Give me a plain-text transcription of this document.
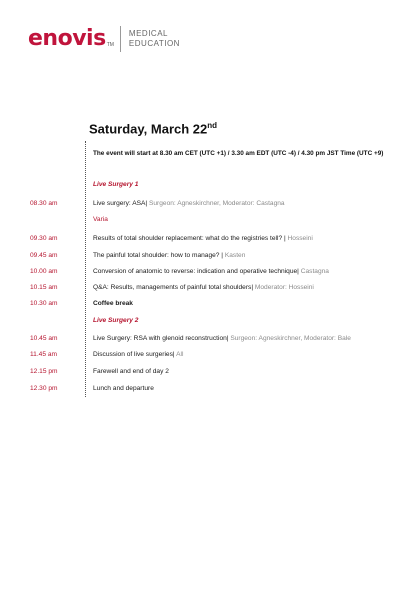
enovis TM
MEDICAL
EDUCATION
Saturday, March 22nd
The event will start at 8.30 am CET (UTC +1) / 3.30 am EDT (UTC -4) / 4.30 pm JST Time (UTC +9)
Live Surgery 1
08.30 am	Live surgery: ASA| Surgeon: Agneskirchner, Moderator: Castagna
Varia
09.30 am	Results of total shoulder replacement: what do the registries tell? | Hosseini
09.45 am	The painful total shoulder: how to manage? | Kasten
10.00 am	Conversion of anatomic to reverse: indication and operative technique| Castagna
10.15 am	Q&A: Results, managements of painful total shoulders| Moderator: Hosseini
10.30 am	Coffee break
Live Surgery 2
10.45 am	Live Surgery: RSA with glenoid reconstruction| Surgeon: Agneskirchner, Moderator: Bale
11.45 am	Discussion of live surgeries| All
12.15 pm	Farewell and end of day 2
12.30 pm	Lunch and departure
